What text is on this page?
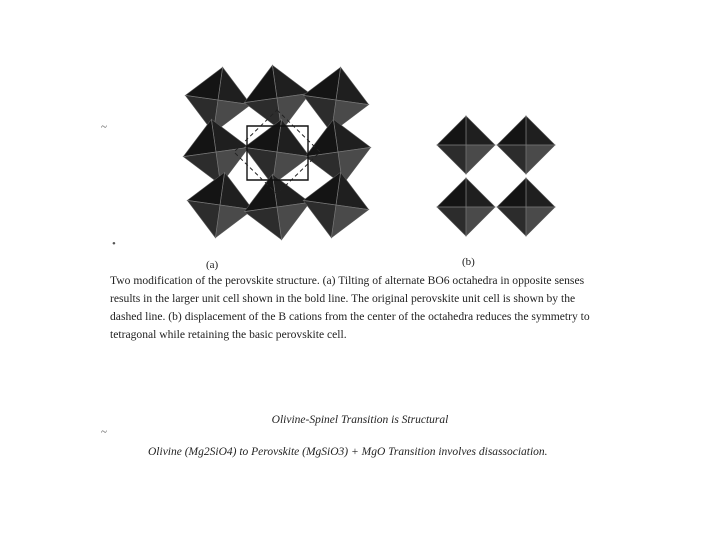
(a)	(b)
~
•
~
Two modification of the perovskite structure. (a) Tilting of alternate BO6 octahedra in opposite senses
results in the larger unit cell shown in the bold line. The original perovskite unit cell is shown by the
dashed line. (b) displacement of the B cations from the center of the octahedra reduces the symmetry to
tetragonal while retaining the basic perovskite cell.
Olivine-Spinel Transition is Structural
Olivine (Mg2SiO4) to Perovskite (MgSiO3) + MgO Transition involves disassociation.
